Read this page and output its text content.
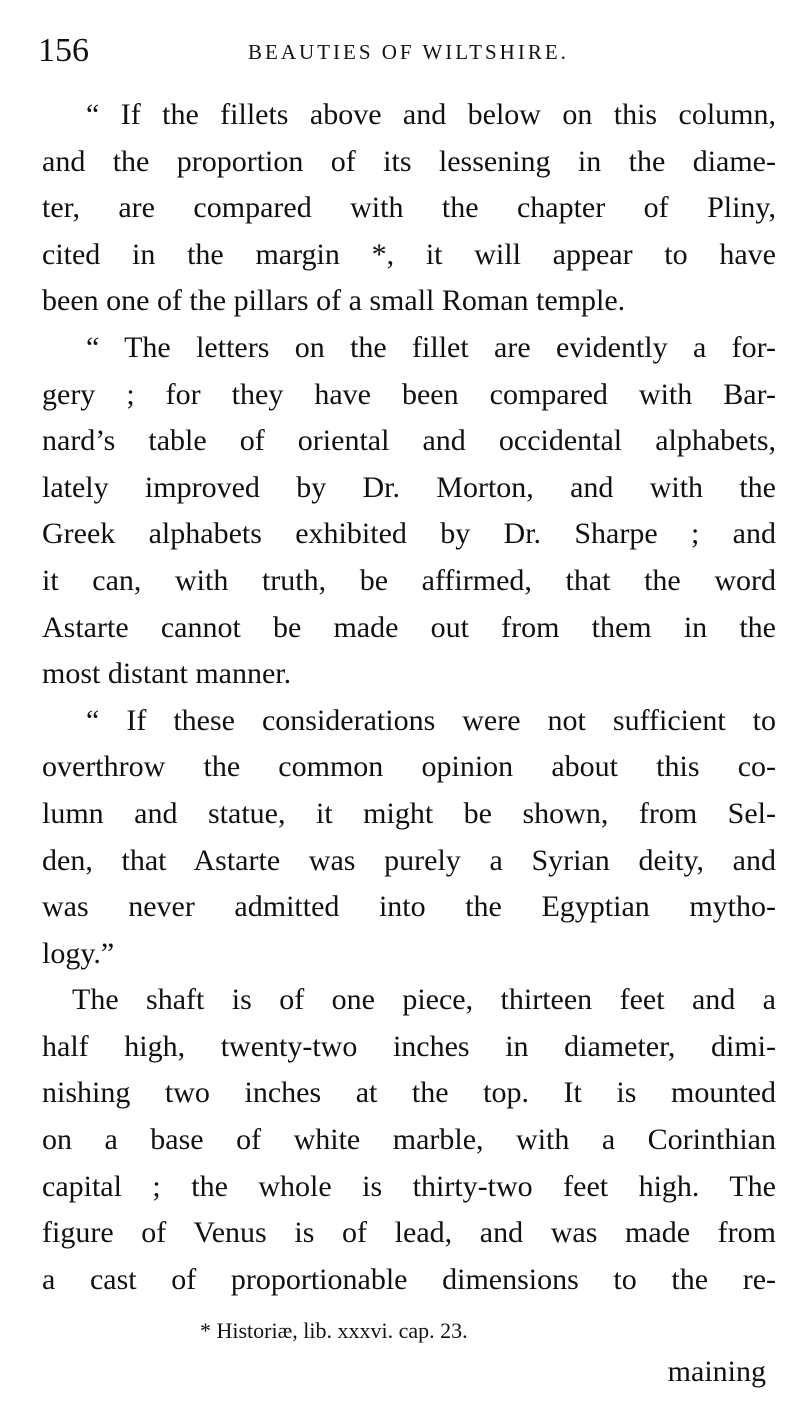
156	BEAUTIES OF WILTSHIRE.
“ If the fillets above and below on this column,
and the proportion of its lessening in the diame-
ter, are compared with the chapter of Pliny,
cited in the margin *, it will appear to have
been one of the pillars of a small Roman temple.
“ The letters on the fillet are evidently a for-
gery ; for they have been compared with Bar-
nard’s table of oriental and occidental alphabets,
lately improved by Dr. Morton, and with the
Greek alphabets exhibited by Dr. Sharpe ; and
it can, with truth, be affirmed, that the word
Astarte cannot be made out from them in the
most distant manner.
“ If these considerations were not sufficient to
overthrow the common opinion about this co-
lumn and statue, it might be shown, from Sel-
den, that Astarte was purely a Syrian deity, and
was never admitted into the Egyptian mytho-
logy.”
The shaft is of one piece, thirteen feet and a
half high, twenty-two inches in diameter, dimi-
nishing two inches at the top. It is mounted
on a base of white marble, with a Corinthian
capital ; the whole is thirty-two feet high. The
figure of Venus is of lead, and was made from
a cast of proportionable dimensions to the re-
* Historiæ, lib. xxxvi. cap. 23.
maining
